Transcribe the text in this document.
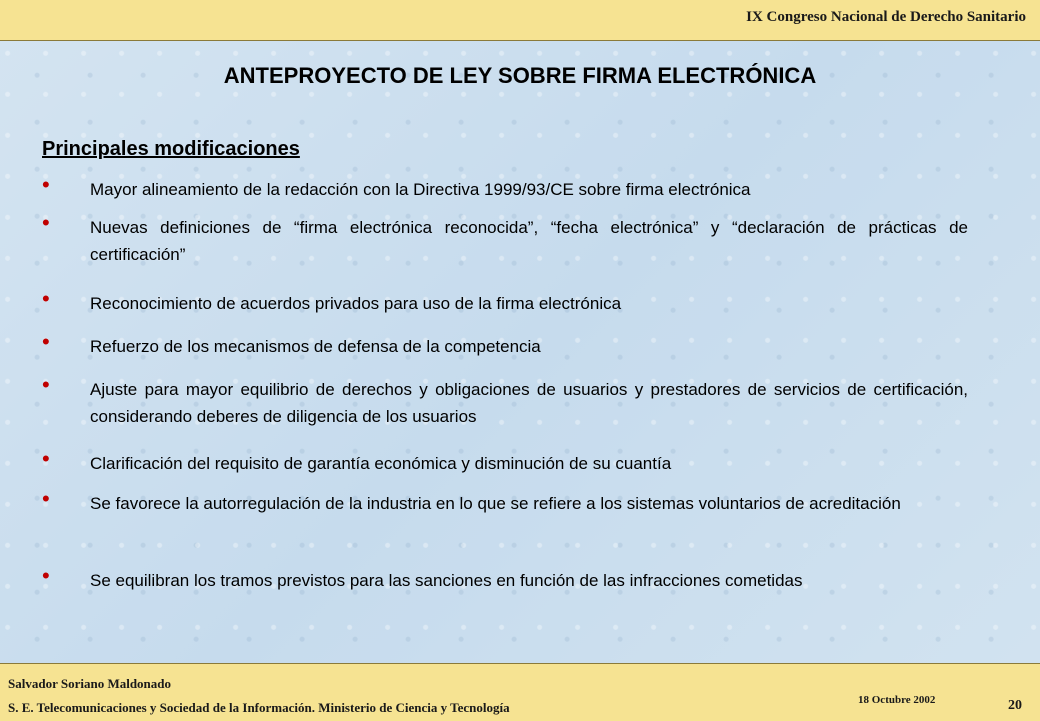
IX Congreso Nacional de Derecho Sanitario
ANTEPROYECTO DE LEY SOBRE FIRMA ELECTRÓNICA
Principales modificaciones
• Mayor alineamiento de la redacción con la Directiva 1999/93/CE sobre firma electrónica
• Nuevas definiciones de “firma electrónica reconocida”, “fecha electrónica” y “declaración de prácticas de certificación”
• Reconocimiento de acuerdos privados para uso de la firma electrónica
• Refuerzo de los mecanismos de defensa de la competencia
• Ajuste para mayor equilibrio de derechos y obligaciones de usuarios y prestadores de servicios de certificación, considerando deberes de diligencia de los usuarios
• Clarificación del requisito de garantía económica y disminución de su cuantía
• Se favorece la autorregulación de la industria en lo que se refiere a los sistemas voluntarios de acreditación
• Se equilibran los tramos previstos para las sanciones en función de las infracciones cometidas
Salvador Soriano Maldonado
S. E. Telecomunicaciones y Sociedad de la Información. Ministerio de Ciencia y Tecnología	18 Octubre 2002	20
